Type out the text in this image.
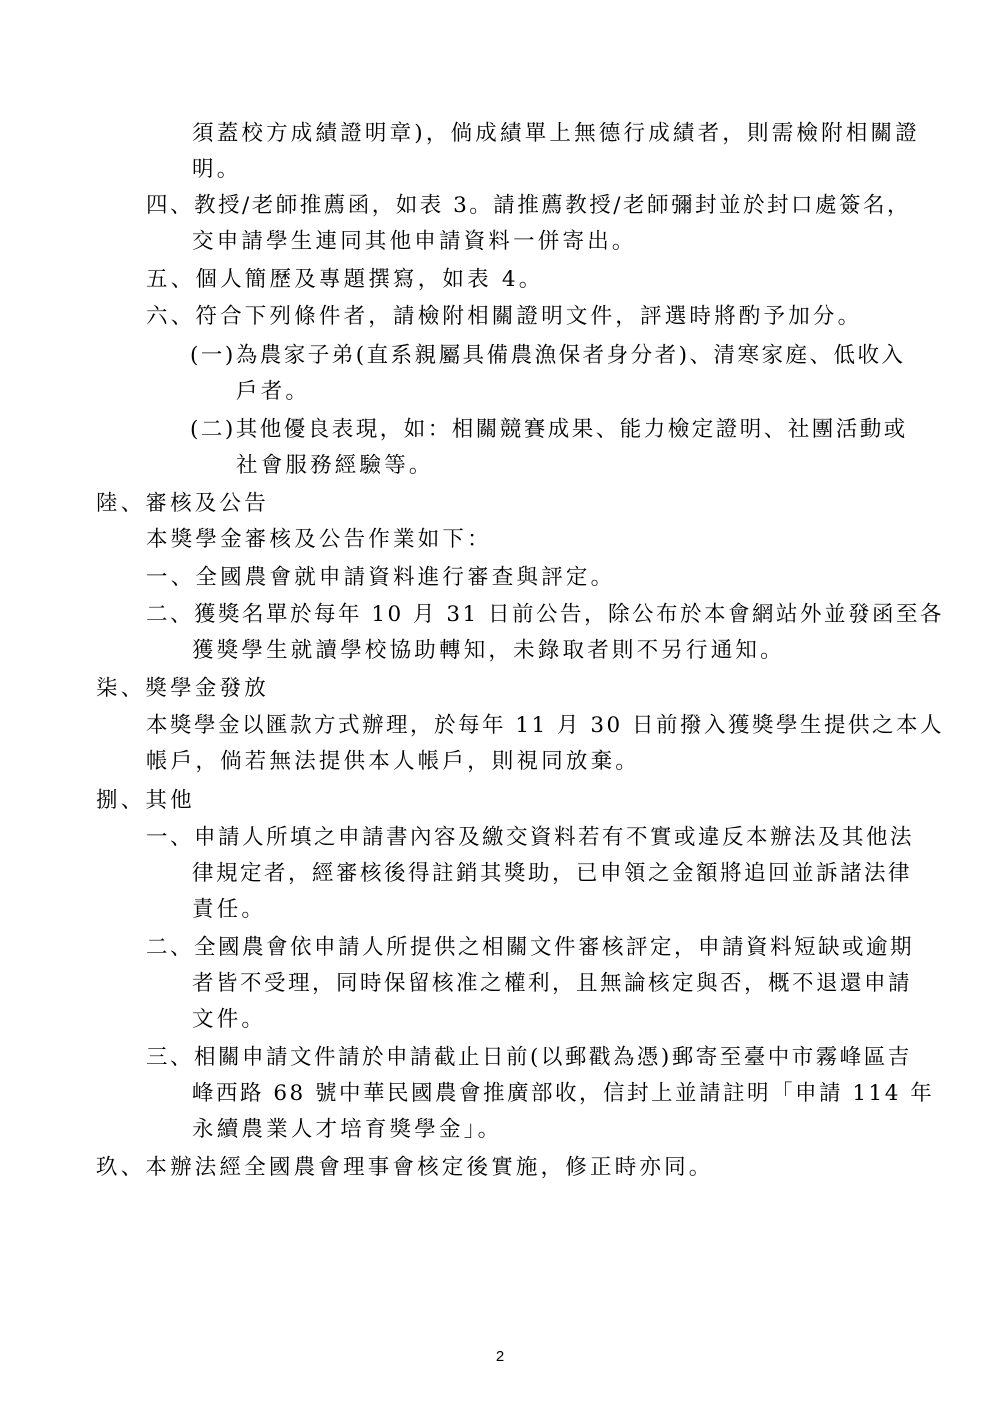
須蓋校方成績證明章)，倘成績單上無德行成績者，則需檢附相關證
明。
四、教授/老師推薦函，如表 3。請推薦教授/老師彌封並於封口處簽名，
交申請學生連同其他申請資料一併寄出。
五、個人簡歷及專題撰寫，如表 4。
六、符合下列條件者，請檢附相關證明文件，評選時將酌予加分。
(一)為農家子弟(直系親屬具備農漁保者身分者)、清寒家庭、低收入
戶者。
(二)其他優良表現，如：相關競賽成果、能力檢定證明、社團活動或
社會服務經驗等。
陸、審核及公告
本獎學金審核及公告作業如下：
一、全國農會就申請資料進行審查與評定。
二、獲獎名單於每年 10 月 31 日前公告，除公布於本會網站外並發函至各
獲獎學生就讀學校協助轉知，未錄取者則不另行通知。
柒、獎學金發放
本獎學金以匯款方式辦理，於每年 11 月 30 日前撥入獲獎學生提供之本人
帳戶，倘若無法提供本人帳戶，則視同放棄。
捌、其他
一、申請人所填之申請書內容及繳交資料若有不實或違反本辦法及其他法
律規定者，經審核後得註銷其獎助，已申領之金額將追回並訴諸法律
責任。
二、全國農會依申請人所提供之相關文件審核評定，申請資料短缺或逾期
者皆不受理，同時保留核准之權利，且無論核定與否，概不退還申請
文件。
三、相關申請文件請於申請截止日前(以郵戳為憑)郵寄至臺中市霧峰區吉
峰西路 68 號中華民國農會推廣部收，信封上並請註明「申請 114 年
永續農業人才培育獎學金」。
玖、本辦法經全國農會理事會核定後實施，修正時亦同。
2
